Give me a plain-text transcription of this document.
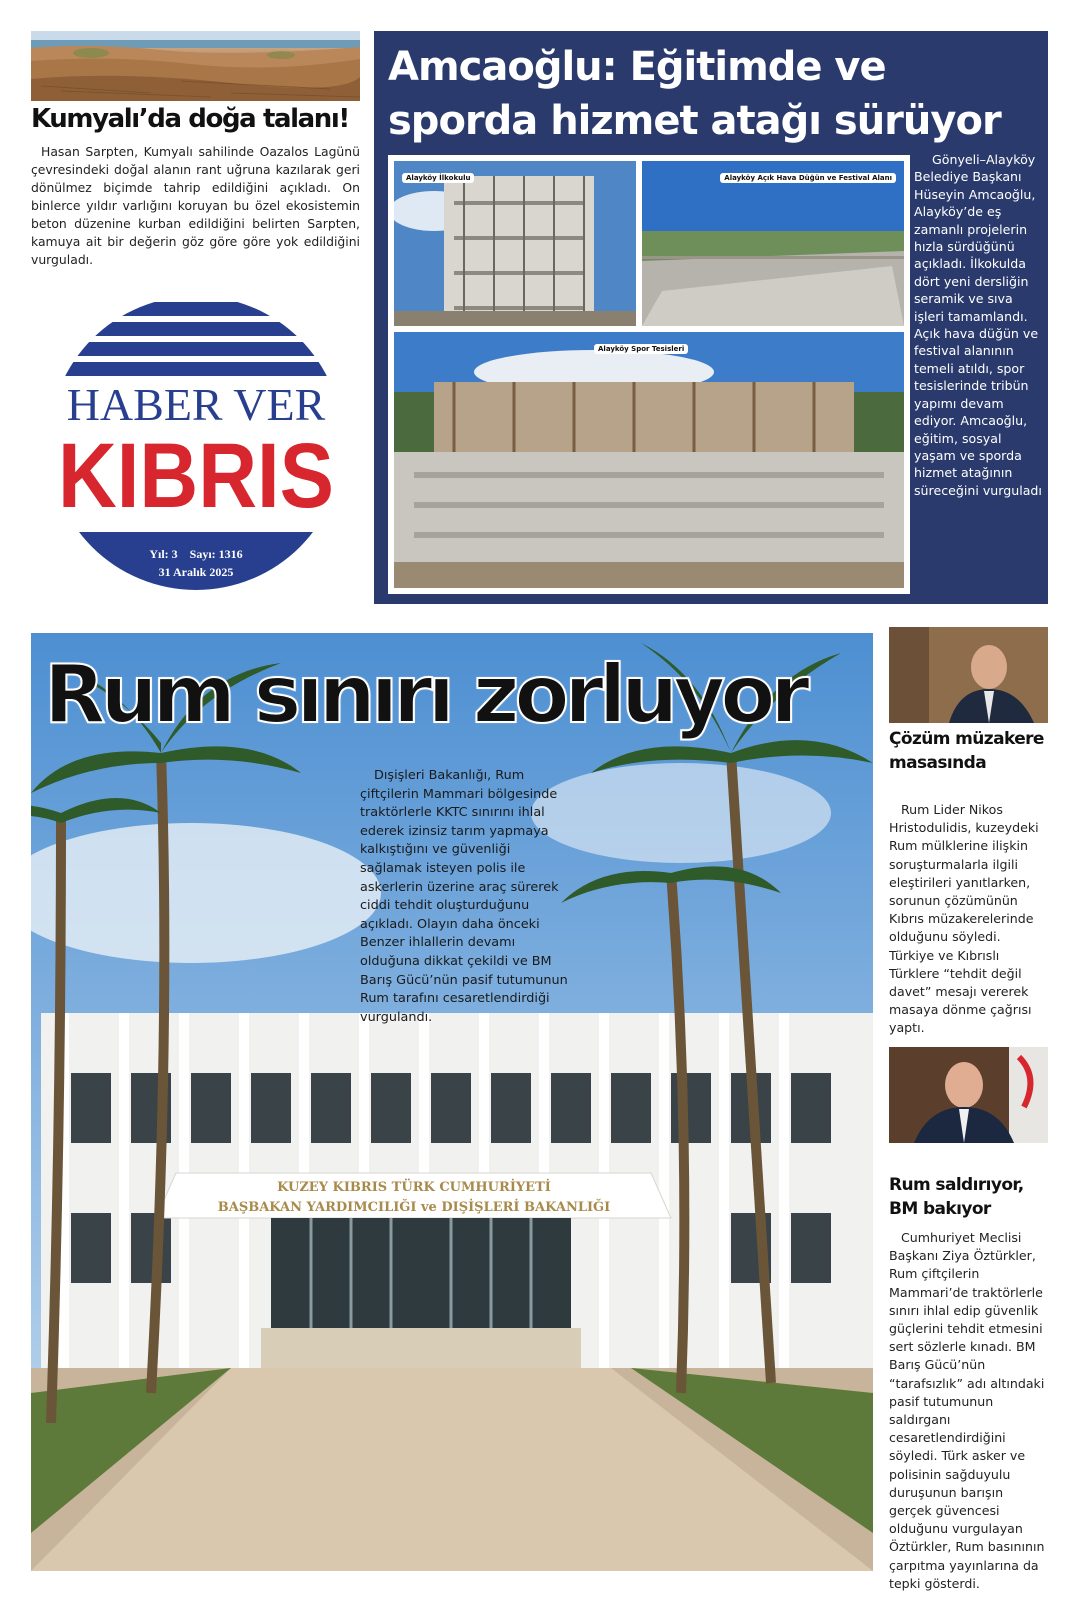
Kumyalı’da doğa talanı!
Hasan Sarpten, Kumyalı sahilinde Oazalos Lagünü çevresindeki doğal alanın rant uğruna kazılarak geri dönülmez biçimde tahrip edildiğini açıkladı. On binlerce yıldır varlığını koruyan bu özel ekosistemin beton düzenine kurban edildiğini belirten Sarpten, kamuya ait bir değerin göz göre göre yok edildiğini vurguladı.
HABER VER
KIBRIS
Yıl: 3    Sayı: 1316
31 Aralık 2025
Amcaoğlu: Eğitimde ve
sporda hizmet atağı sürüyor
Alayköy İlkokulu	Alayköy Açık Hava Düğün ve Festival Alanı
Alayköy Spor Tesisleri
Gönyeli–Alayköy Belediye Başkanı Hüseyin Amcaoğlu, Alayköy’de eş zamanlı projelerin hızla sürdüğünü açıkladı. İlkokulda dört yeni dersliğin seramik ve sıva işleri tamamlandı. Açık hava düğün ve festival alanının temeli atıldı, spor tesislerinde tribün yapımı devam ediyor. Amcaoğlu, eğitim, sosyal yaşam ve sporda hizmet atağının süreceğini vurguladı
KUZEY KIBRIS TÜRK CUMHURİYETİ
BAŞBAKAN YARDIMCILIĞI ve DIŞİŞLERİ BAKANLIĞI
Rum sınırı zorluyor
Dışişleri Bakanlığı, Rum çiftçilerin Mammari bölgesinde traktörlerle KKTC sınırını ihlal ederek izinsiz tarım yapmaya kalkıştığını ve güvenliği sağlamak isteyen polis ile askerlerin üzerine araç sürerek ciddi tehdit oluşturduğunu açıkladı. Olayın daha önceki Benzer ihlallerin devamı olduğuna dikkat çekildi ve BM Barış Gücü’nün pasif tutumunun Rum tarafını cesaretlendirdiği vurgulandı.
Çözüm müzakere masasında
Rum Lider Nikos Hristodulidis, kuzeydeki Rum mülklerine ilişkin soruşturmalarla ilgili eleştirileri yanıtlarken, sorunun çözümünün Kıbrıs müzakerelerinde olduğunu söyledi. Türkiye ve Kıbrıslı Türklere “tehdit değil davet” mesajı vererek masaya dönme çağrısı yaptı.
Rum saldırıyor, BM bakıyor
Cumhuriyet Meclisi Başkanı Ziya Öztürkler, Rum çiftçilerin Mammari’de traktörlerle sınırı ihlal edip güvenlik güçlerini tehdit etmesini sert sözlerle kınadı. BM Barış Gücü’nün “tarafsızlık” adı altındaki pasif tutumunun saldırganı cesaretlendirdiğini söyledi. Türk asker ve polisinin sağduyulu duruşunun barışın gerçek güvencesi olduğunu vurgulayan Öztürkler, Rum basınının çarpıtma yayınlarına da tepki gösterdi.
